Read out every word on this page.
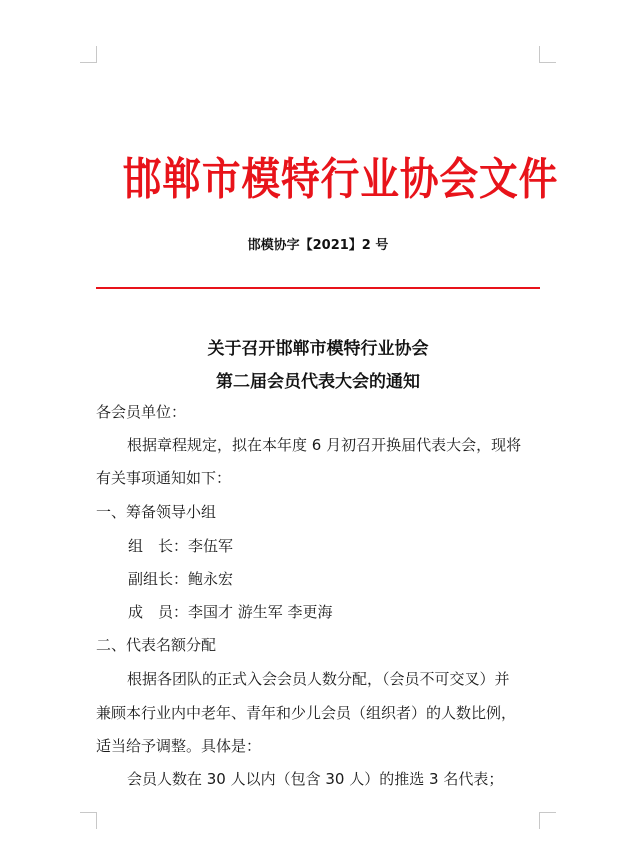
邯郸市模特行业协会文件
邯模协字【2021】2 号
关于召开邯郸市模特行业协会
第二届会员代表大会的通知
各会员单位：
根据章程规定，拟在本年度 6 月初召开换届代表大会，现将
有关事项通知如下：
一、筹备领导小组
组　长：李伍军
副组长：鲍永宏
成　员：李国才 游生军 李更海
二、代表名额分配
根据各团队的正式入会会员人数分配，（会员不可交叉）并
兼顾本行业内中老年、青年和少儿会员（组织者）的人数比例，
适当给予调整。具体是：
会员人数在 30 人以内（包含 30 人）的推选 3 名代表；
